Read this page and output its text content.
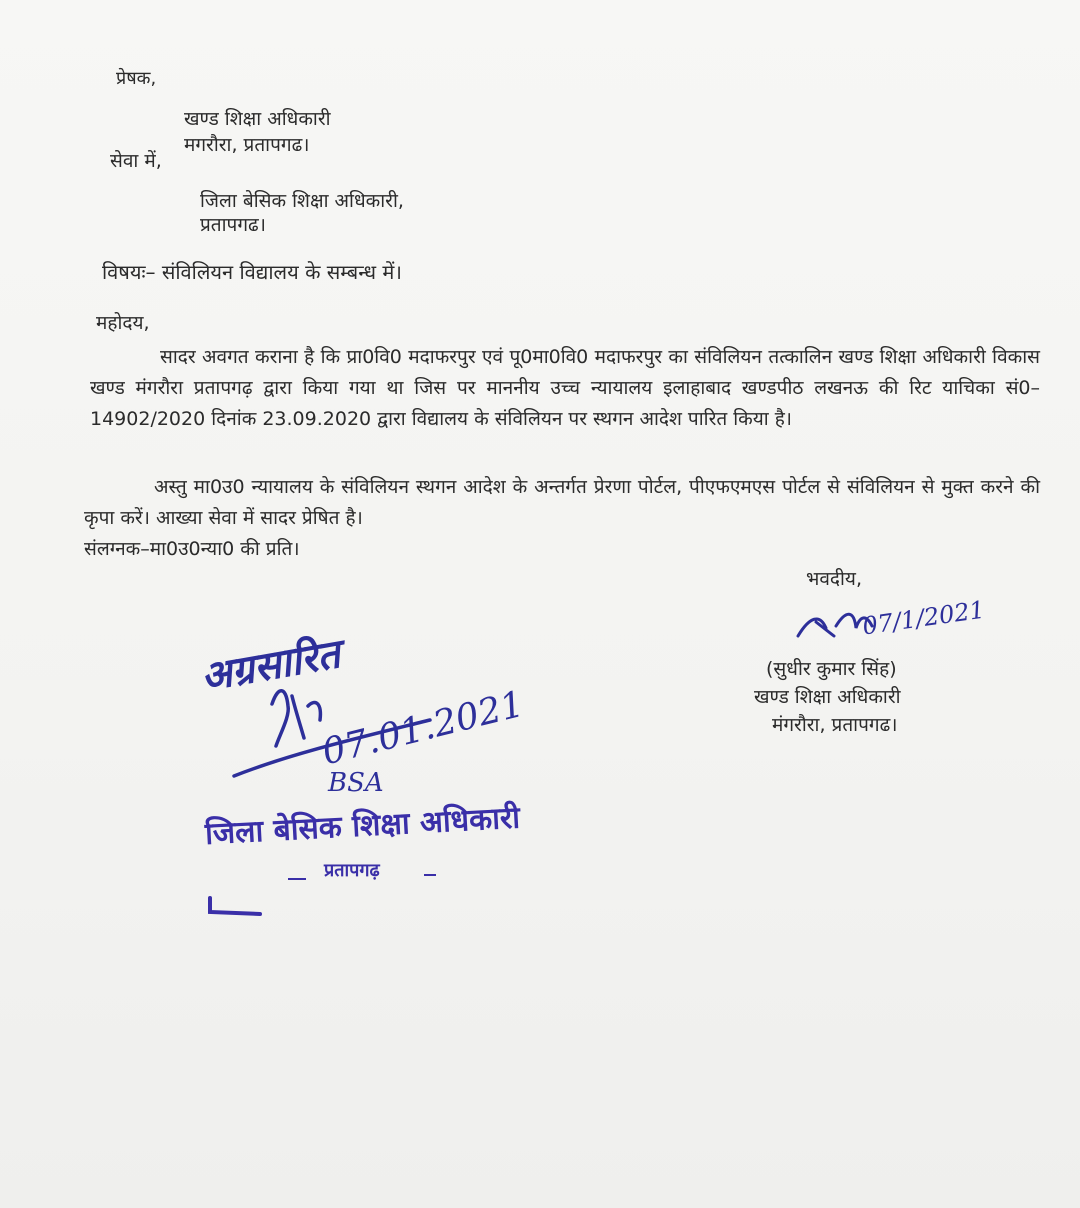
प्रेषक,
खण्ड शिक्षा अधिकारी
मगरौरा, प्रतापगढ।
सेवा में,
जिला बेसिक शिक्षा अधिकारी,
प्रतापगढ।
विषयः– संविलियन विद्यालय के सम्बन्ध में।
महोदय,
सादर अवगत कराना है कि प्रा0वि0 मदाफरपुर एवं पू0मा0वि0 मदाफरपुर का संविलियन तत्कालिन खण्ड शिक्षा अधिकारी विकास खण्ड मंगरौरा प्रतापगढ़ द्वारा किया गया था जिस पर माननीय उच्च न्यायालय इलाहाबाद खण्डपीठ लखनऊ की रिट याचिका सं0–14902/2020 दिनांक 23.09.2020 द्वारा विद्यालय के संविलियन पर स्थगन आदेश पारित किया है।
अस्तु मा0उ0 न्यायालय के संविलियन स्थगन आदेश के अन्तर्गत प्रेरणा पोर्टल, पीएफएमएस पोर्टल से संविलियन से मुक्त करने की कृपा करें। आख्या सेवा में सादर प्रेषित है।
संलग्नक–मा0उ0न्या0 की प्रति।
भवदीय,
07/1/2021
(सुधीर कुमार सिंह)
खण्ड शिक्षा अधिकारी
मंगरौरा, प्रतापगढ।
अग्रसारित
07.01.2021
BSA
जिला बेसिक शिक्षा अधिकारी
प्रतापगढ़
